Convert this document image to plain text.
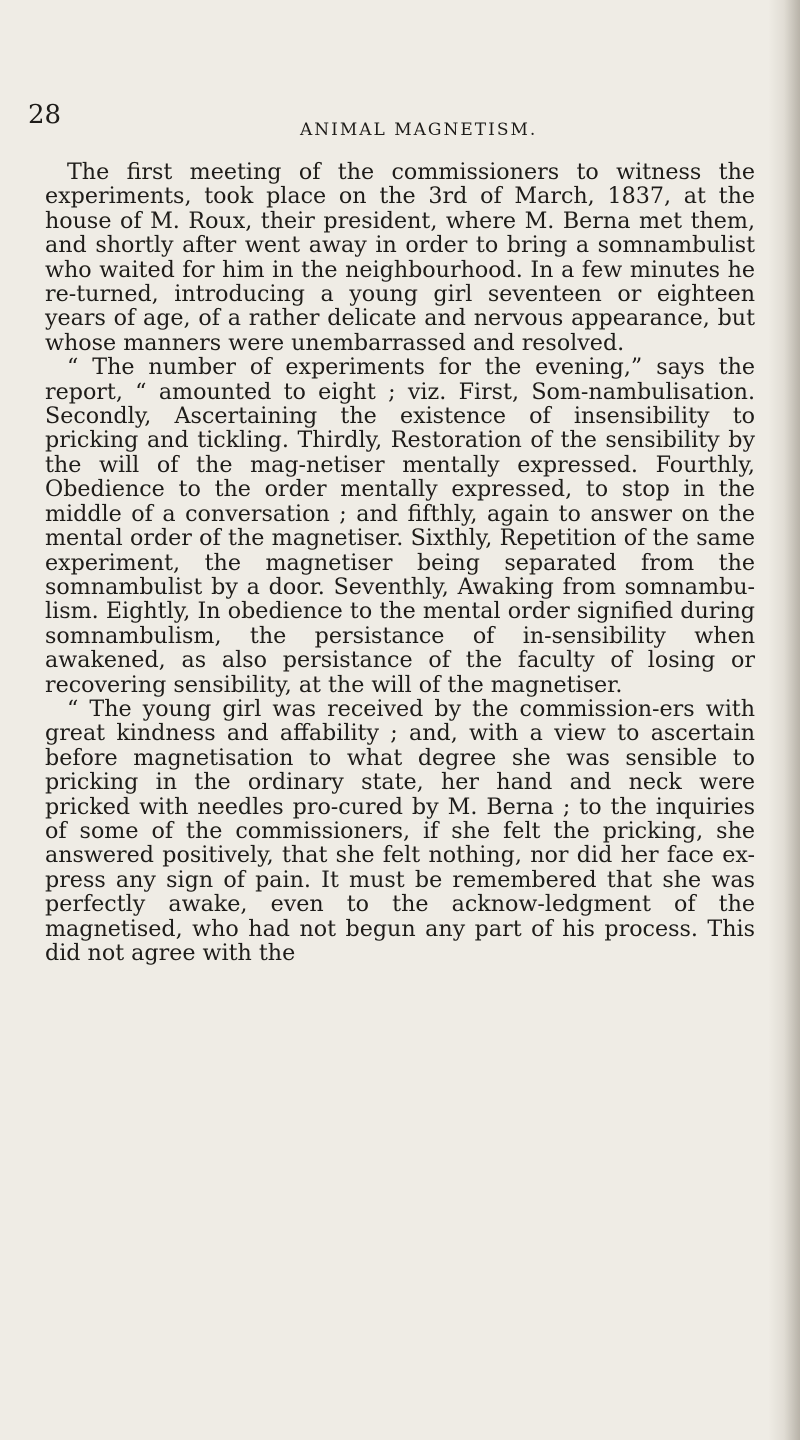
28	ANIMAL MAGNETISM.

The first meeting of the commissioners to witness the experiments, took place on the 3rd of March, 1837, at the house of M. Roux, their president, where M. Berna met them, and shortly after went away in order to bring a somnambulist who waited for him in the neighbourhood. In a few minutes he re-turned, introducing a young girl seventeen or eighteen years of age, of a rather delicate and nervous appearance, but whose manners were unembarrassed and resolved.

“ The number of experiments for the evening,” says the report, “ amounted to eight ; viz. First, Som-nambulisation. Secondly, Ascertaining the existence of insensibility to pricking and tickling. Thirdly, Restoration of the sensibility by the will of the mag-netiser mentally expressed. Fourthly, Obedience to the order mentally expressed, to stop in the middle of a conversation ; and fifthly, again to answer on the mental order of the magnetiser. Sixthly, Repetition of the same experiment, the magnetiser being separated from the somnambulist by a door. Seventhly, Awaking from somnambu-lism. Eightly, In obedience to the mental order signified during somnambulism, the persistance of in-sensibility when awakened, as also persistance of the faculty of losing or recovering sensibility, at the will of the magnetiser.

“ The young girl was received by the commission-ers with great kindness and affability ; and, with a view to ascertain before magnetisation to what degree she was sensible to pricking in the ordinary state, her hand and neck were pricked with needles pro-cured by M. Berna ; to the inquiries of some of the commissioners, if she felt the pricking, she answered positively, that she felt nothing, nor did her face ex-press any sign of pain. It must be remembered that she was perfectly awake, even to the acknow-ledgment of the magnetised, who had not begun any part of his process. This did not agree with the
